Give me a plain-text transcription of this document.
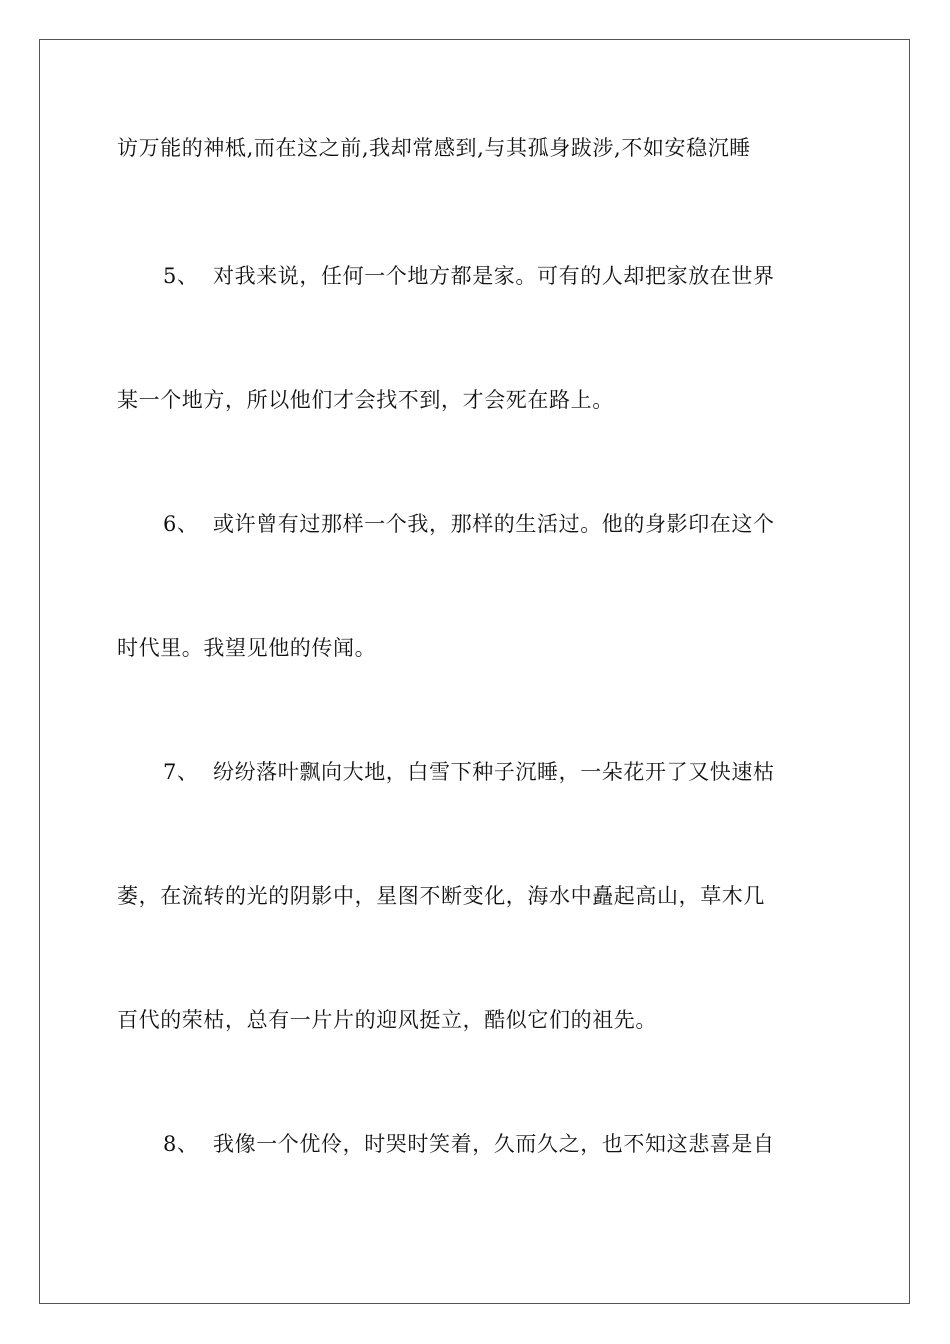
访万能的神柢,而在这之前,我却常感到,与其孤身跋涉,不如安稳沉睡
5、 对我来说，任何一个地方都是家。可有的人却把家放在世界
某一个地方，所以他们才会找不到，才会死在路上。
6、 或许曾有过那样一个我，那样的生活过。他的身影印在这个
时代里。我望见他的传闻。
7、 纷纷落叶飘向大地，白雪下种子沉睡，一朵花开了又快速枯
萎，在流转的光的阴影中，星图不断变化，海水中矗起高山，草木几
百代的荣枯，总有一片片的迎风挺立，酷似它们的祖先。
8、 我像一个优伶，时哭时笑着，久而久之，也不知这悲喜是自
